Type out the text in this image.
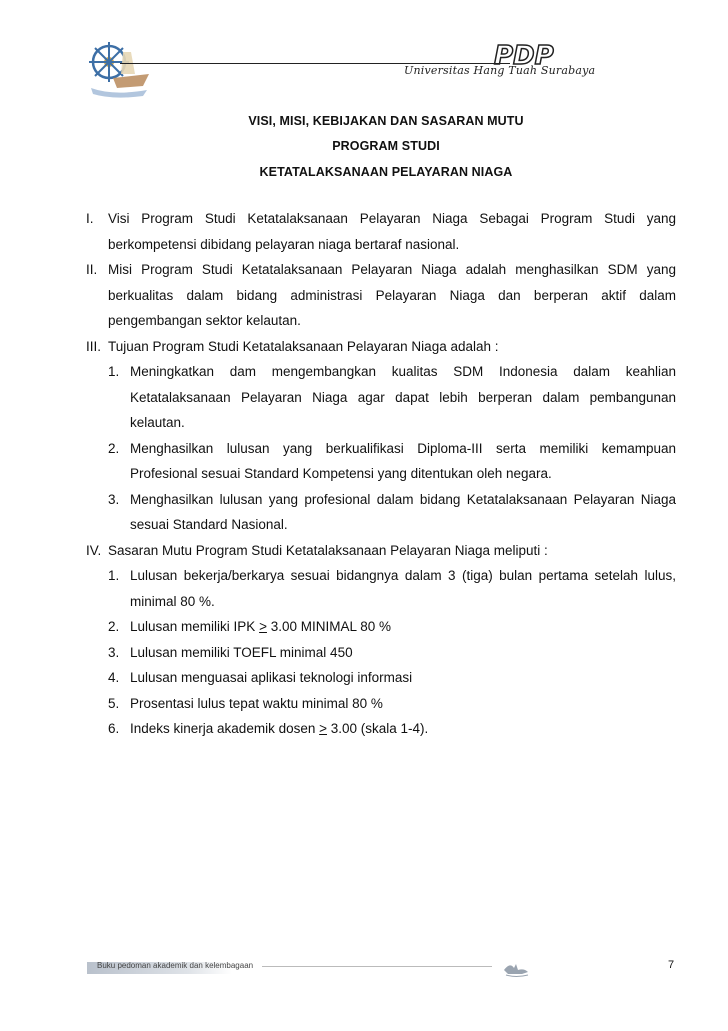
PDP
Universitas Hang Tuah Surabaya
VISI, MISI, KEBIJAKAN DAN SASARAN MUTU
PROGRAM STUDI
KETATALAKSANAAN PELAYARAN NIAGA
I. Visi Program Studi Ketatalaksanaan Pelayaran Niaga Sebagai Program Studi yang berkompetensi dibidang pelayaran niaga bertaraf nasional.
II. Misi Program Studi Ketatalaksanaan Pelayaran Niaga adalah menghasilkan SDM yang berkualitas dalam bidang administrasi Pelayaran Niaga dan berperan aktif dalam pengembangan sektor kelautan.
III. Tujuan Program Studi Ketatalaksanaan Pelayaran Niaga adalah :
1. Meningkatkan dam mengembangkan kualitas SDM Indonesia dalam keahlian Ketatalaksanaan Pelayaran Niaga agar dapat lebih berperan dalam pembangunan kelautan.
2. Menghasilkan lulusan yang berkualifikasi Diploma-III serta memiliki kemampuan Profesional sesuai Standard Kompetensi yang ditentukan oleh negara.
3. Menghasilkan lulusan yang profesional dalam bidang Ketatalaksanaan Pelayaran Niaga sesuai Standard Nasional.
IV. Sasaran Mutu Program Studi Ketatalaksanaan Pelayaran Niaga meliputi :
1. Lulusan bekerja/berkarya sesuai bidangnya dalam 3 (tiga) bulan pertama setelah lulus, minimal 80 %.
2. Lulusan memiliki IPK ≥ 3.00 MINIMAL 80 %
3. Lulusan memiliki TOEFL minimal 450
4. Lulusan menguasai aplikasi teknologi informasi
5. Prosentasi lulus tepat waktu minimal 80 %
6. Indeks kinerja akademik dosen ≥ 3.00 (skala 1-4).
Buku pedoman akademik dan kelembagaan	7
